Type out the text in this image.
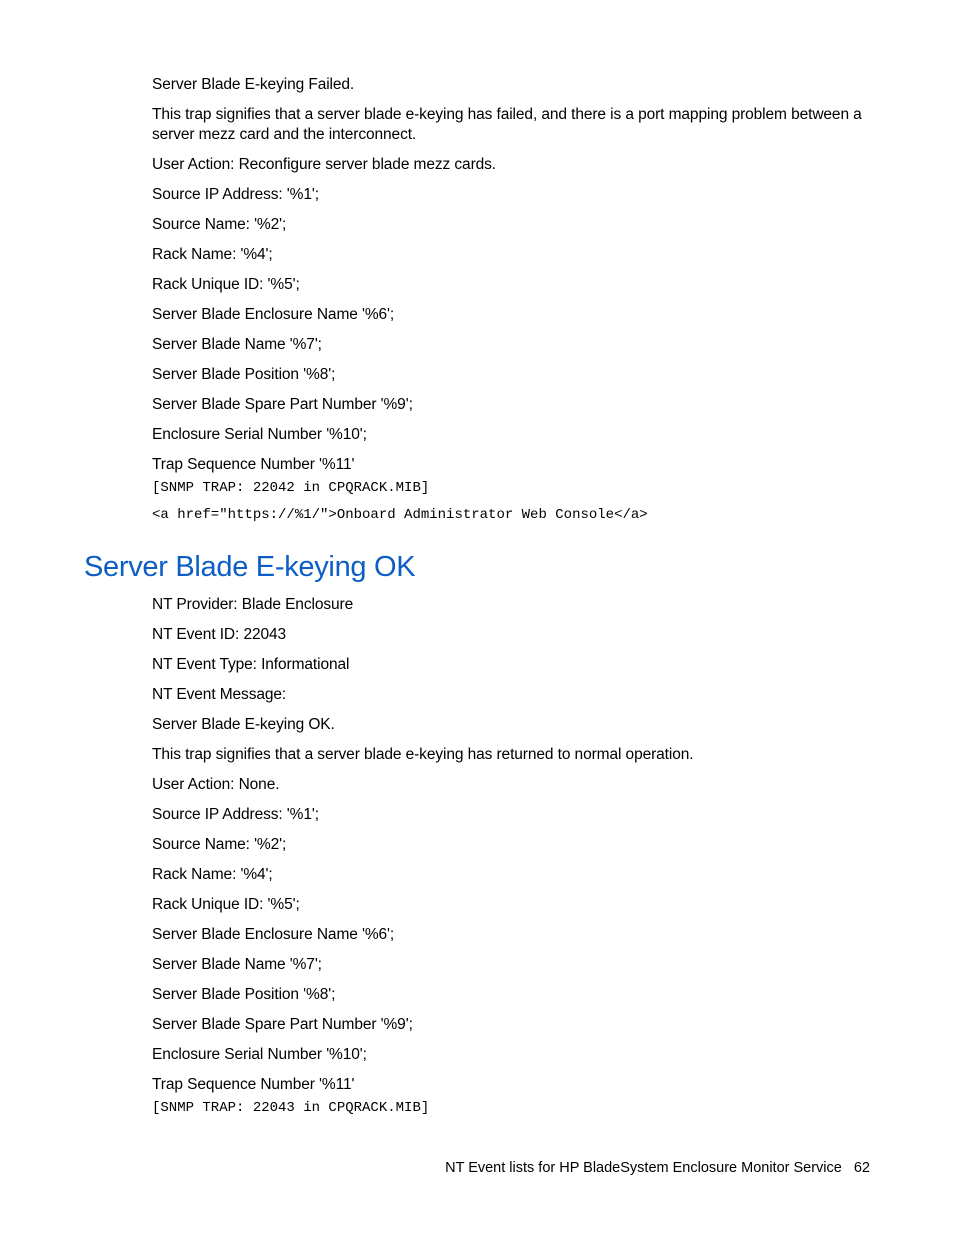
Server Blade E-keying Failed.

This trap signifies that a server blade e-keying has failed, and there is a port mapping problem between a server mezz card and the interconnect.

User Action: Reconfigure server blade mezz cards.

Source IP Address: '%1';

Source Name: '%2';

Rack Name: '%4';

Rack Unique ID: '%5';

Server Blade Enclosure Name '%6';

Server Blade Name '%7';

Server Blade Position '%8';

Server Blade Spare Part Number '%9';

Enclosure Serial Number '%10';

Trap Sequence Number '%11'

[SNMP TRAP: 22042 in CPQRACK.MIB]

<a href="https://%1/">Onboard Administrator Web Console</a>

Server Blade E-keying OK

NT Provider: Blade Enclosure

NT Event ID: 22043

NT Event Type: Informational

NT Event Message:

Server Blade E-keying OK.

This trap signifies that a server blade e-keying has returned to normal operation.

User Action: None.

Source IP Address: '%1';

Source Name: '%2';

Rack Name: '%4';

Rack Unique ID: '%5';

Server Blade Enclosure Name '%6';

Server Blade Name '%7';

Server Blade Position '%8';

Server Blade Spare Part Number '%9';

Enclosure Serial Number '%10';

Trap Sequence Number '%11'

[SNMP TRAP: 22043 in CPQRACK.MIB]

NT Event lists for HP BladeSystem Enclosure Monitor Service 62
